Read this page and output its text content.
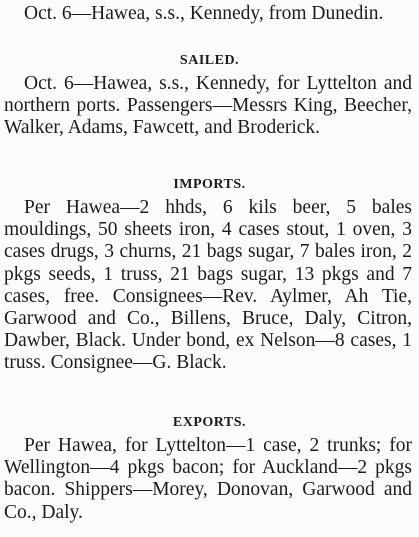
Oct. 6—Hawea, s.s., Kennedy, from Dunedin.

SAILED.

Oct. 6—Hawea, s.s., Kennedy, for Lyttelton and northern ports. Passengers—Messrs King, Beecher, Walker, Adams, Fawcett, and Broderick.

IMPORTS.

Per Hawea—2 hhds, 6 kils beer, 5 bales mouldings, 50 sheets iron, 4 cases stout, 1 oven, 3 cases drugs, 3 churns, 21 bags sugar, 7 bales iron, 2 pkgs seeds, 1 truss, 21 bags sugar, 13 pkgs and 7 cases, free. Consignees—Rev. Aylmer, Ah Tie, Garwood and Co., Billens, Bruce, Daly, Citron, Dawber, Black. Under bond, ex Nelson—8 cases, 1 truss. Consignee—G. Black.

EXPORTS.

Per Hawea, for Lyttelton—1 case, 2 trunks; for Wellington—4 pkgs bacon; for Auckland—2 pkgs bacon. Shippers—Morey, Donovan, Garwood and Co., Daly.
